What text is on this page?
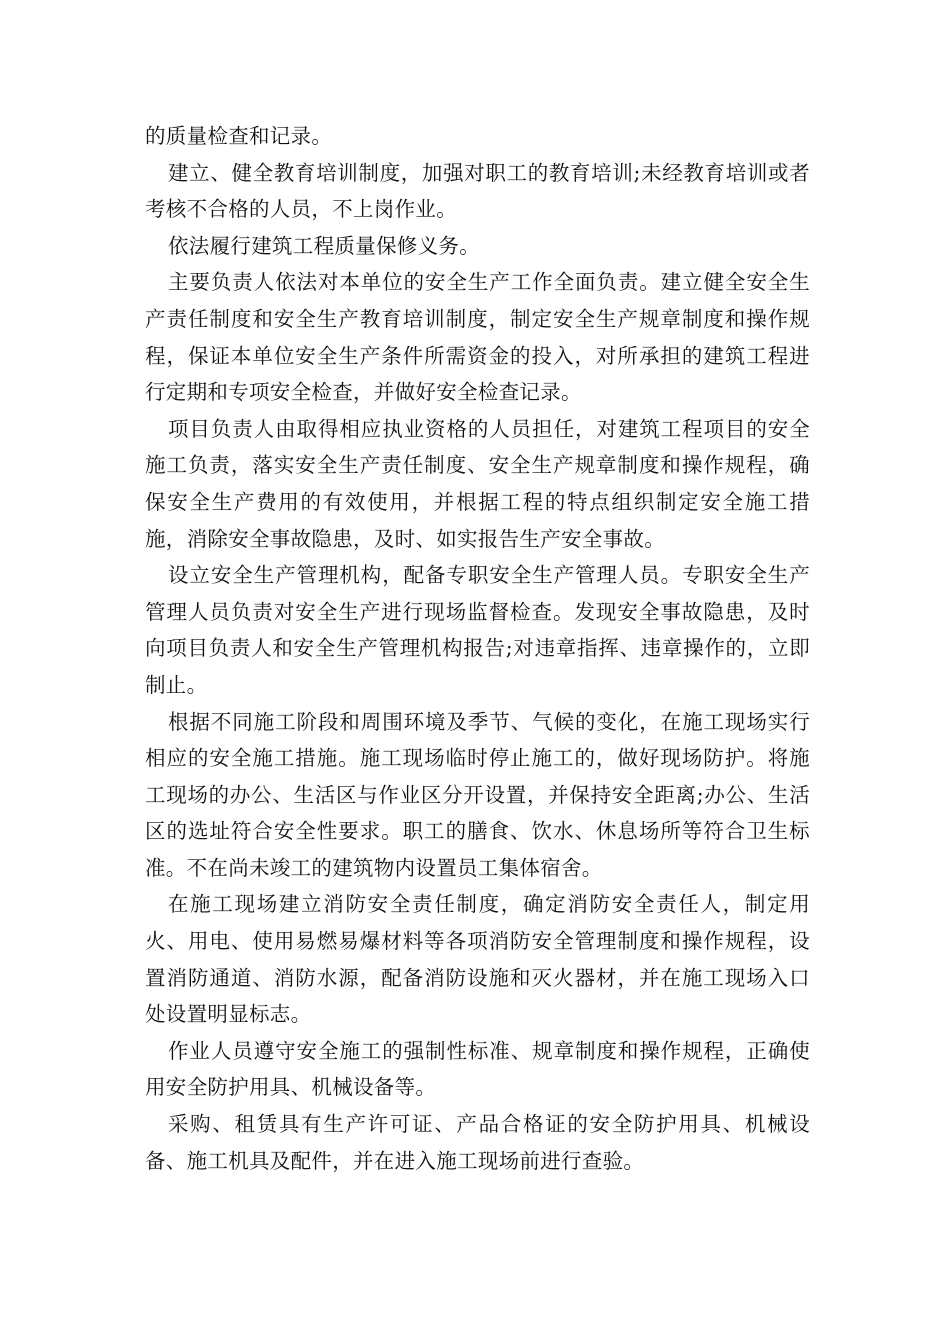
的质量检查和记录。

建立、健全教育培训制度，加强对职工的教育培训;未经教育培训或者考核不合格的人员，不上岗作业。

依法履行建筑工程质量保修义务。

主要负责人依法对本单位的安全生产工作全面负责。建立健全安全生产责任制度和安全生产教育培训制度，制定安全生产规章制度和操作规程，保证本单位安全生产条件所需资金的投入，对所承担的建筑工程进行定期和专项安全检查，并做好安全检查记录。

项目负责人由取得相应执业资格的人员担任，对建筑工程项目的安全施工负责，落实安全生产责任制度、安全生产规章制度和操作规程，确保安全生产费用的有效使用，并根据工程的特点组织制定安全施工措施，消除安全事故隐患，及时、如实报告生产安全事故。

设立安全生产管理机构，配备专职安全生产管理人员。专职安全生产管理人员负责对安全生产进行现场监督检查。发现安全事故隐患，及时向项目负责人和安全生产管理机构报告;对违章指挥、违章操作的，立即制止。

根据不同施工阶段和周围环境及季节、气候的变化，在施工现场实行相应的安全施工措施。施工现场临时停止施工的，做好现场防护。将施工现场的办公、生活区与作业区分开设置，并保持安全距离;办公、生活区的选址符合安全性要求。职工的膳食、饮水、休息场所等符合卫生标准。不在尚未竣工的建筑物内设置员工集体宿舍。

在施工现场建立消防安全责任制度，确定消防安全责任人，制定用火、用电、使用易燃易爆材料等各项消防安全管理制度和操作规程，设置消防通道、消防水源，配备消防设施和灭火器材，并在施工现场入口处设置明显标志。

作业人员遵守安全施工的强制性标准、规章制度和操作规程，正确使用安全防护用具、机械设备等。

采购、租赁具有生产许可证、产品合格证的安全防护用具、机械设备、施工机具及配件，并在进入施工现场前进行查验。
